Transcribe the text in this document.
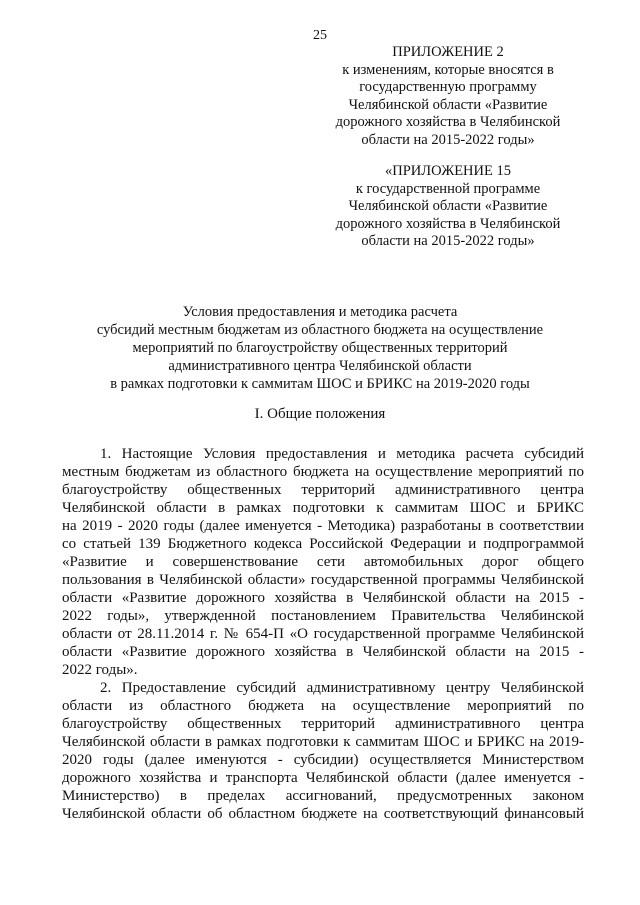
25
ПРИЛОЖЕНИЕ 2
к изменениям, которые вносятся в
государственную программу
Челябинской области «Развитие
дорожного хозяйства в Челябинской
области на 2015-2022 годы»
«ПРИЛОЖЕНИЕ 15
к государственной программе
Челябинской области «Развитие
дорожного хозяйства в Челябинской
области на 2015-2022 годы»
Условия предоставления и методика расчета
субсидий местным бюджетам из областного бюджета на осуществление
мероприятий по благоустройству общественных территорий
административного центра Челябинской области
в рамках подготовки к саммитам ШОС и БРИКС на 2019-2020 годы
I. Общие положения
1. Настоящие Условия предоставления и методика расчета субсидий
местным бюджетам из областного бюджета на осуществление мероприятий по
благоустройству общественных территорий административного центра
Челябинской области в рамках подготовки к саммитам ШОС и БРИКС
на 2019 - 2020 годы (далее именуется - Методика) разработаны в соответствии
со статьей 139 Бюджетного кодекса Российской Федерации и подпрограммой
«Развитие и совершенствование сети автомобильных дорог общего
пользования в Челябинской области» государственной программы Челябинской
области «Развитие дорожного хозяйства в Челябинской области на 2015 -
2022 годы», утвержденной постановлением Правительства Челябинской
области от 28.11.2014 г. № 654-П «О государственной программе Челябинской
области «Развитие дорожного хозяйства в Челябинской области на 2015 -
2022 годы».
2. Предоставление субсидий административному центру Челябинской
области из областного бюджета на осуществление мероприятий по
благоустройству общественных территорий административного центра
Челябинской области в рамках подготовки к саммитам ШОС и БРИКС на 2019-
2020 годы (далее именуются - субсидии) осуществляется Министерством
дорожного хозяйства и транспорта Челябинской области (далее именуется -
Министерство) в пределах ассигнований, предусмотренных законом
Челябинской области об областном бюджете на соответствующий финансовый
